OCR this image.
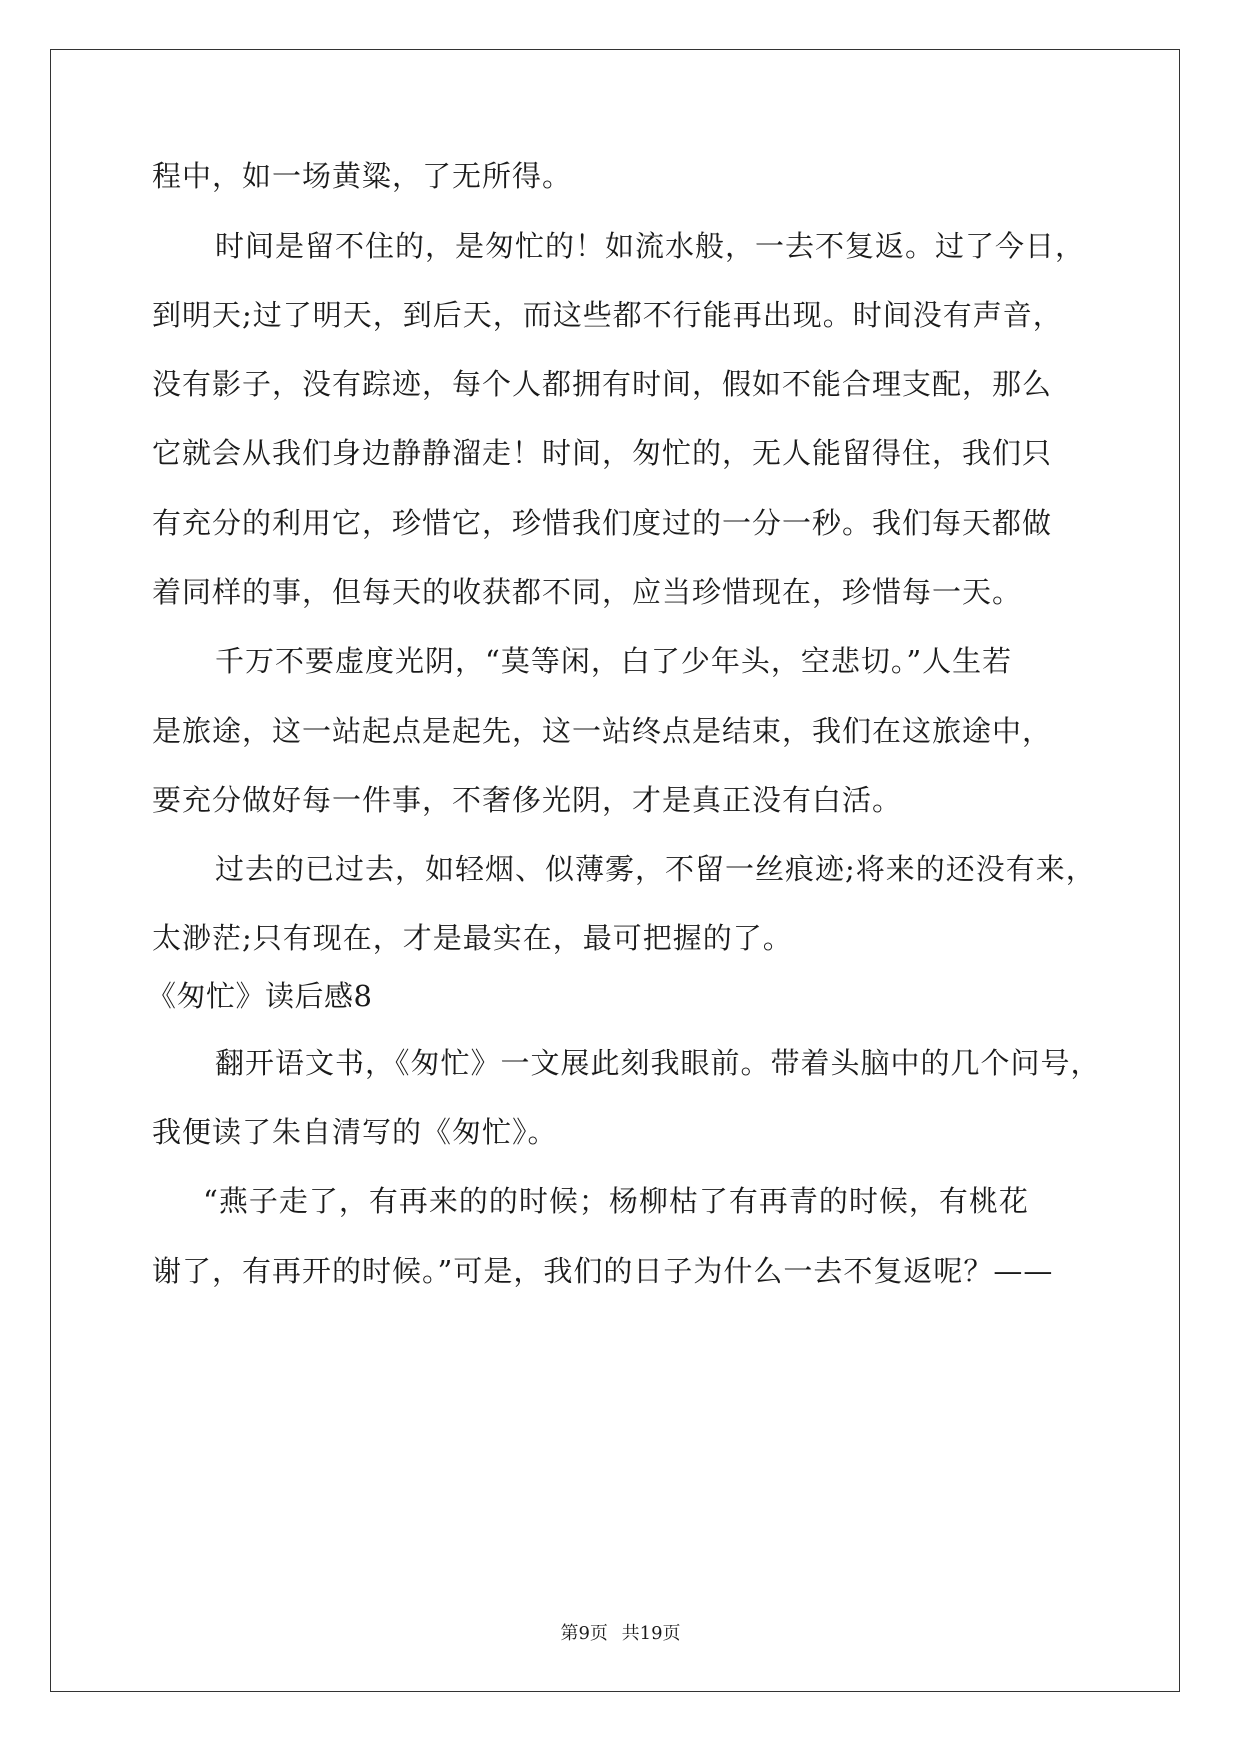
程中，如一场黄粱，了无所得。
时间是留不住的，是匆忙的！如流水般，一去不复返。过了今日，
到明天;过了明天，到后天，而这些都不行能再出现。时间没有声音，
没有影子，没有踪迹，每个人都拥有时间，假如不能合理支配，那么
它就会从我们身边静静溜走！时间，匆忙的，无人能留得住，我们只
有充分的利用它，珍惜它，珍惜我们度过的一分一秒。我们每天都做
着同样的事，但每天的收获都不同，应当珍惜现在，珍惜每一天。
千万不要虚度光阴，“莫等闲，白了少年头，空悲切。”人生若
是旅途，这一站起点是起先，这一站终点是结束，我们在这旅途中，
要充分做好每一件事，不奢侈光阴，才是真正没有白活。
过去的已过去，如轻烟、似薄雾，不留一丝痕迹;将来的还没有来，
太渺茫;只有现在，才是最实在，最可把握的了。
《匆忙》读后感8
翻开语文书，《匆忙》一文展此刻我眼前。带着头脑中的几个问号，
我便读了朱自清写的《匆忙》。
“燕子走了，有再来的的时候；杨柳枯了有再青的时候，有桃花
谢了，有再开的时候。”可是，我们的日子为什么一去不复返呢？——
第9页 共19页
